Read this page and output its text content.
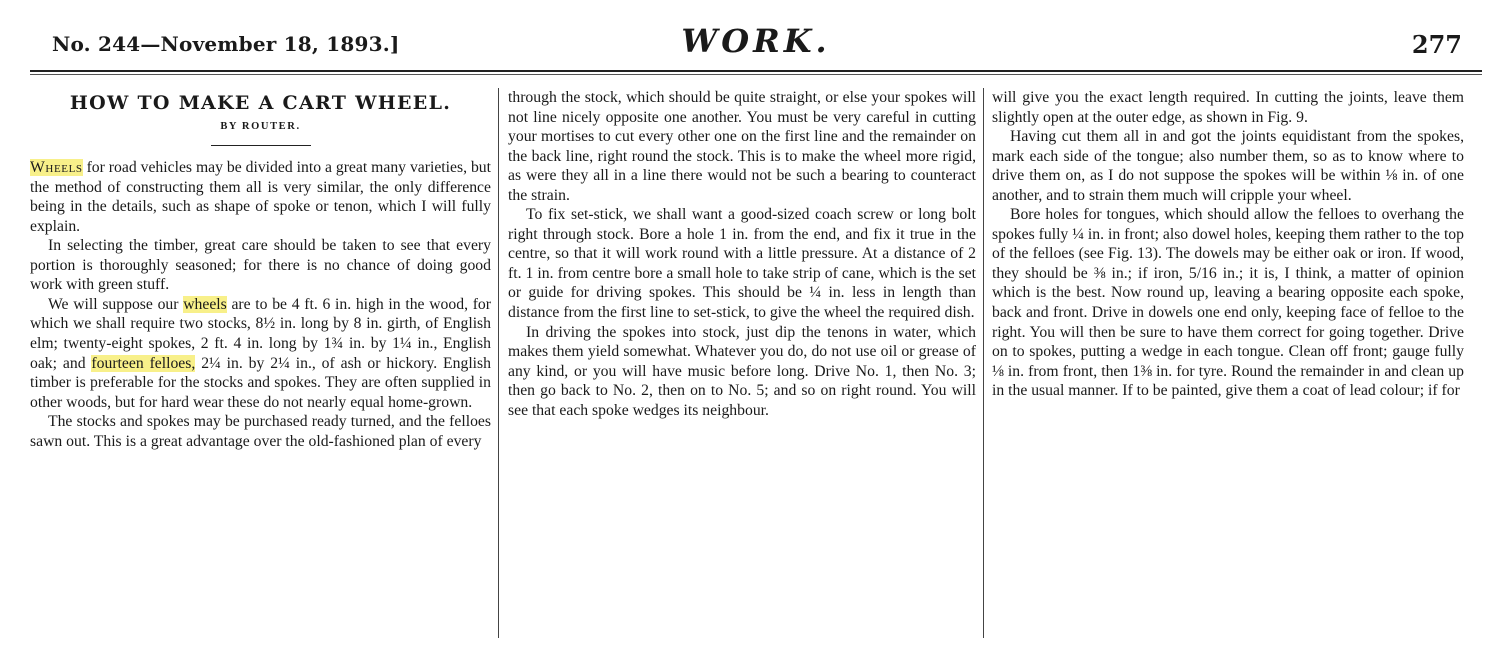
No. 244—November 18, 1893.]	WORK.	277
HOW TO MAKE A CART WHEEL.
BY ROUTER.

Wheels for road vehicles may be divided into a great many varieties, but the method of constructing them all is very similar, the only difference being in the details, such as shape of spoke or tenon, which I will fully explain.

In selecting the timber, great care should be taken to see that every portion is thoroughly seasoned; for there is no chance of doing good work with green stuff.

We will suppose our wheels are to be 4 ft. 6 in. high in the wood, for which we shall require two stocks, 8½ in. long by 8 in. girth, of English elm; twenty-eight spokes, 2 ft. 4 in. long by 1¾ in. by 1¼ in., English oak; and fourteen felloes, 2¼ in. by 2¼ in., of ash or hickory. English timber is preferable for the stocks and spokes. They are often supplied in other woods, but for hard wear these do not nearly equal home-grown.

The stocks and spokes may be purchased ready turned, and the felloes sawn out. This is a great advantage over the old-fashioned plan of every

through the stock, which should be quite straight, or else your spokes will not line nicely opposite one another. You must be very careful in cutting your mortises to cut every other one on the first line and the remainder on the back line, right round the stock. This is to make the wheel more rigid, as were they all in a line there would not be such a bearing to counteract the strain.

To fix set-stick, we shall want a good-sized coach screw or long bolt right through stock. Bore a hole 1 in. from the end, and fix it true in the centre, so that it will work round with a little pressure. At a distance of 2 ft. 1 in. from centre bore a small hole to take strip of cane, which is the set or guide for driving spokes. This should be ¼ in. less in length than distance from the first line to set-stick, to give the wheel the required dish.

In driving the spokes into stock, just dip the tenons in water, which makes them yield somewhat. Whatever you do, do not use oil or grease of any kind, or you will have music before long. Drive No. 1, then No. 3; then go back to No. 2, then on to No. 5; and so on right round. You will see that each spoke wedges its neighbour.

will give you the exact length required. In cutting the joints, leave them slightly open at the outer edge, as shown in Fig. 9.

Having cut them all in and got the joints equidistant from the spokes, mark each side of the tongue; also number them, so as to know where to drive them on, as I do not suppose the spokes will be within ⅛ in. of one another, and to strain them much will cripple your wheel.

Bore holes for tongues, which should allow the felloes to overhang the spokes fully ¼ in. in front; also dowel holes, keeping them rather to the top of the felloes (see Fig. 13). The dowels may be either oak or iron. If wood, they should be ⅜ in.; if iron, 5/16 in.; it is, I think, a matter of opinion which is the best. Now round up, leaving a bearing opposite each spoke, back and front. Drive in dowels one end only, keeping face of felloe to the right. You will then be sure to have them correct for going together. Drive on to spokes, putting a wedge in each tongue. Clean off front; gauge fully ⅛ in. from front, then 1⅜ in. for tyre. Round the remainder in and clean up in the usual manner. If to be painted, give them a coat of lead colour; if for
